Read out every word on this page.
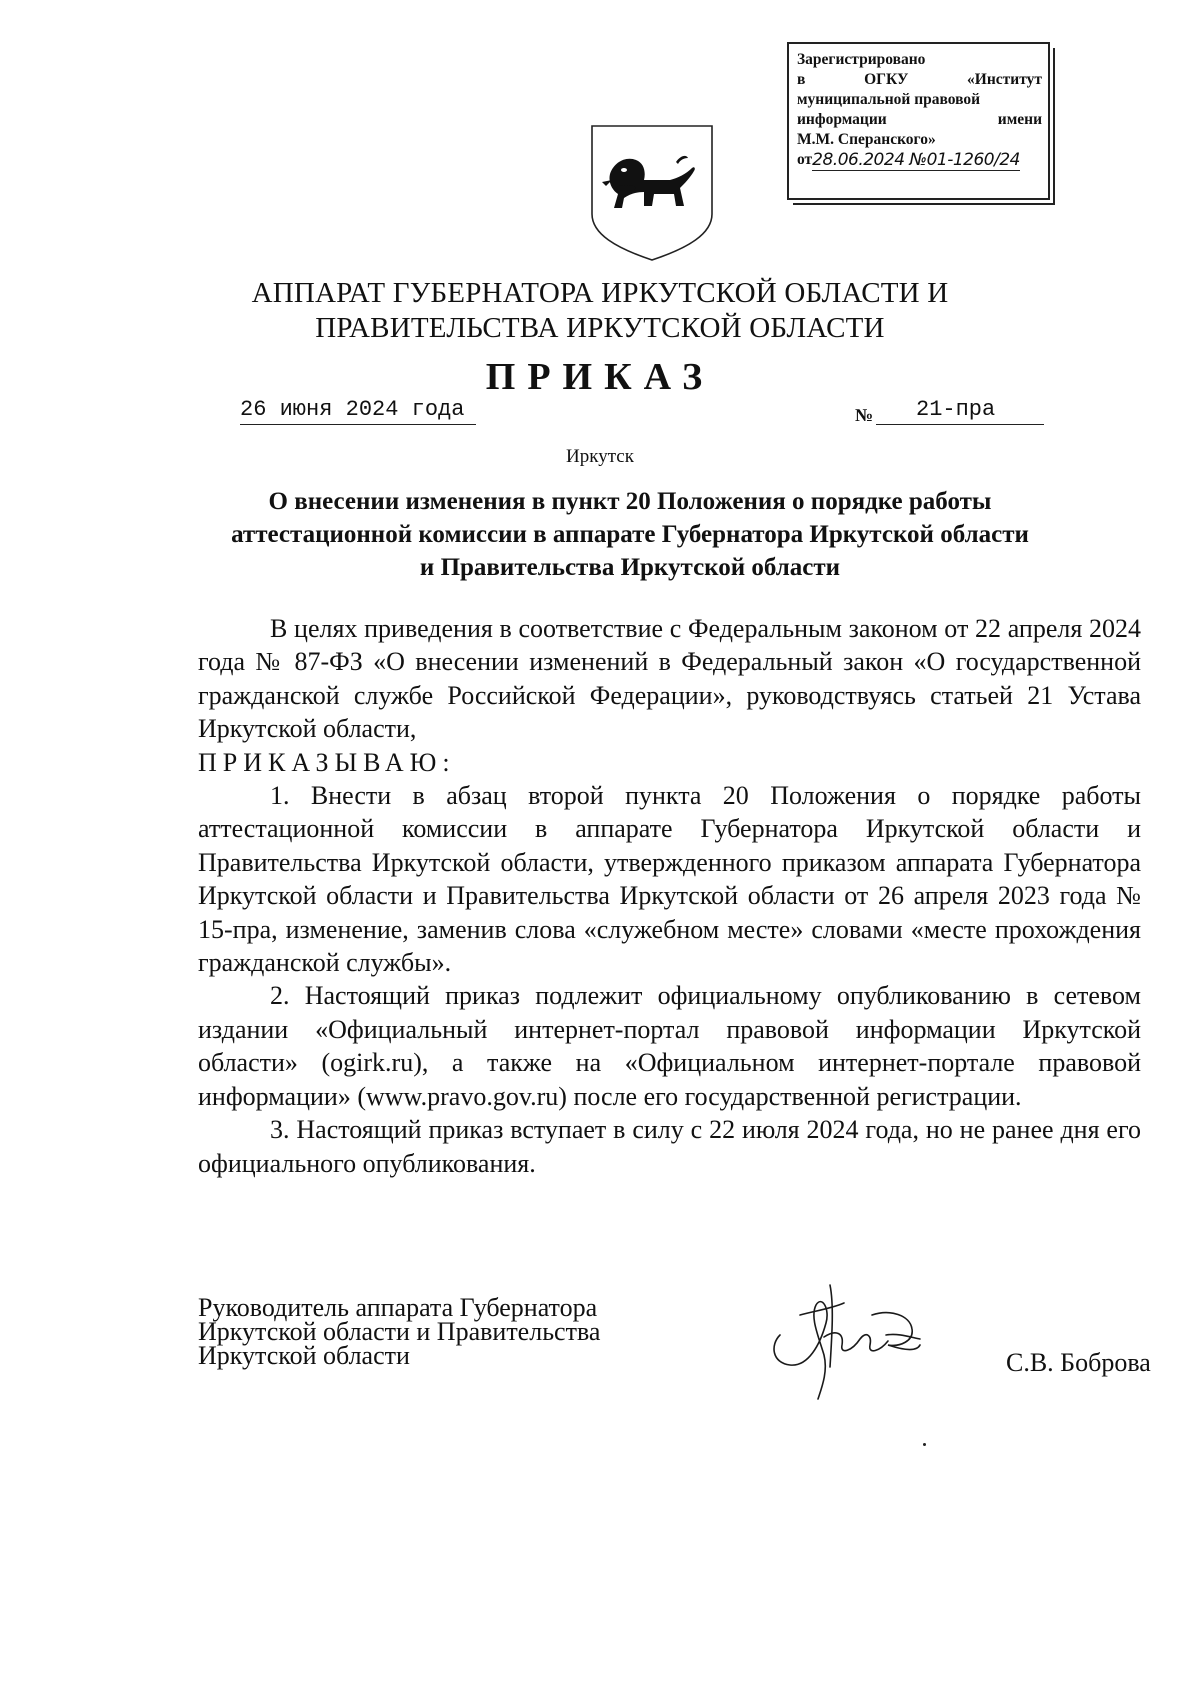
Зарегистрировано
в	ОГКУ	«Институт
муниципальной правовой
информации	имени
М.М. Сперанского»
от 28.06.2024 №01-1260/24
АППАРАТ ГУБЕРНАТОРА ИРКУТСКОЙ ОБЛАСТИ И
ПРАВИТЕЛЬСТВА ИРКУТСКОЙ ОБЛАСТИ
ПРИКАЗ
26 июня 2024 года	№	21-пра
Иркутск
О внесении изменения в пункт 20 Положения о порядке работы
аттестационной комиссии в аппарате Губернатора Иркутской области
и Правительства Иркутской области

В целях приведения в соответствие с Федеральным законом от 22 апреля 2024 года № 87-ФЗ «О внесении изменений в Федеральный закон «О государственной гражданской службе Российской Федерации», руководствуясь статьей 21 Устава Иркутской области,

ПРИКАЗЫВАЮ:

1. Внести в абзац второй пункта 20 Положения о порядке работы аттестационной комиссии в аппарате Губернатора Иркутской области и Правительства Иркутской области, утвержденного приказом аппарата Губернатора Иркутской области и Правительства Иркутской области от 26 апреля 2023 года № 15-пра, изменение, заменив слова «служебном месте» словами «месте прохождения гражданской службы».

2. Настоящий приказ подлежит официальному опубликованию в сетевом издании «Официальный интернет-портал правовой информации Иркутской области» (ogirk.ru), а также на «Официальном интернет-портале правовой информации» (www.pravo.gov.ru) после его государственной регистрации.

3. Настоящий приказ вступает в силу с 22 июля 2024 года, но не ранее дня его официального опубликования.

Руководитель аппарата Губернатора
Иркутской области и Правительства
Иркутской области	С.В. Боброва
